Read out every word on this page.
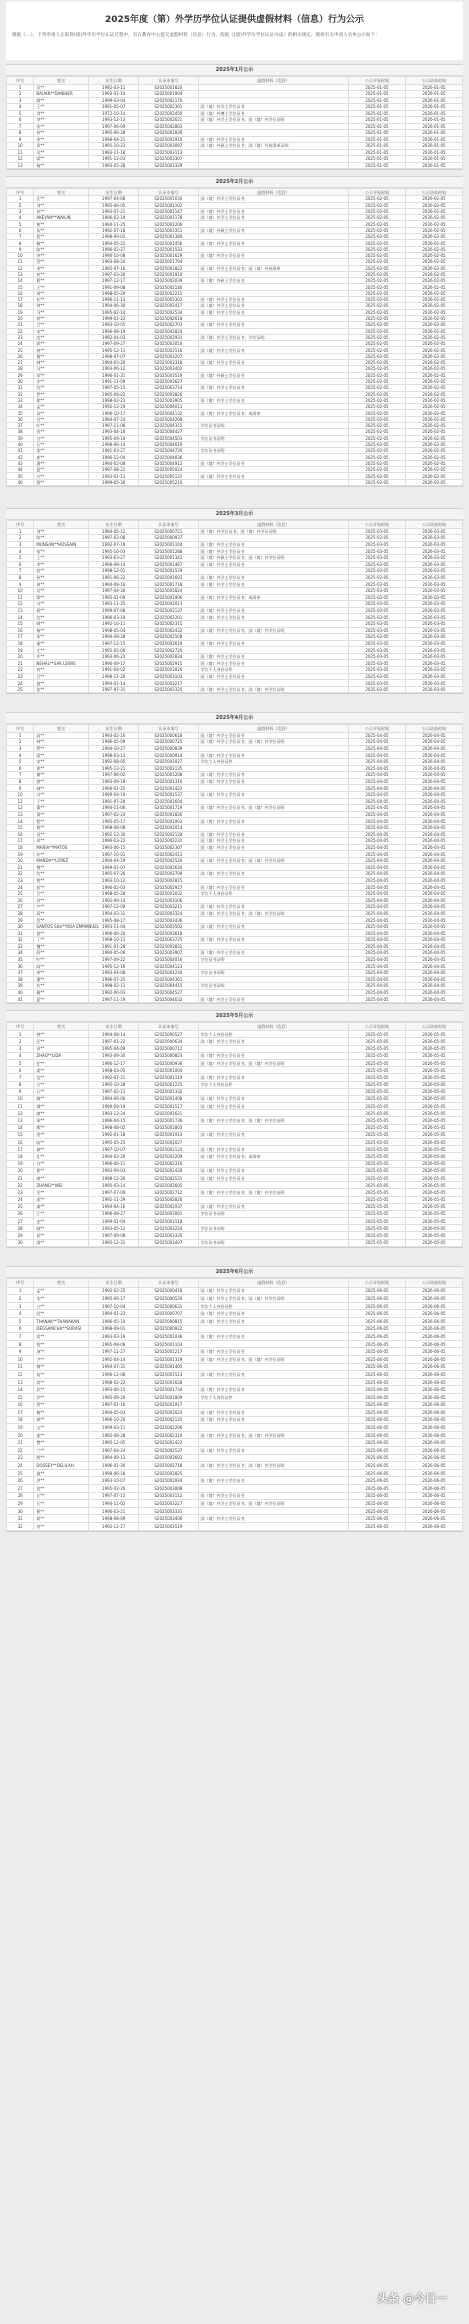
2025年度（第）外学历学位认证提供虚假材料（信息）行为公示
根据《…》，下列申请人在取得(境)外学历学位认证过程中，有在教育中心提交虚假材料（信息）行为。依据《(境)外学历学位认证办法》的相关规定，现将有关申请人名单公示如下：
2025年1月公示
序号	姓名	出生日期	认证申请号	虚假材料（信息）	公示开始时间	公示结束时间
1	吴**	1992-03-11	S2025001820		2025-01-05	2026-01-05
2	BAUAN**DANIHER	1993-01-10	S2025001904		2025-01-05	2026-01-05
3	姚**	1999-03-04	S2025002170		2025-01-05	2026-01-05
4	王**	1991-05-07	S2025002301	国（境）外学士学位证书	2025-01-05	2026-01-05
5	刘**	1972-10-14	S2025002450	国（境）外博士学位证书	2025-01-05	2026-01-05
6	李**	1993-12-13	S2025002621	国（境）外学士学位证书；国（境）外学位证明	2025-01-05	2026-01-05
7	张**	1997-06-09	S2025002803		2025-01-05	2026-01-05
8	何**	1995-06-28	S2025002836		2025-01-05	2026-01-05
9	余**	1998-04-21	S2025002910	国（境）外学士学位证书	2025-01-05	2026-01-05
10	邓**	1995-10-23	S2025003097	国（境）外硕士学位证书；国（境）外成绩单证明	2025-01-05	2026-01-05
11	吴**	1993-11-18	S2025003113		2025-01-05	2026-01-05
12	梁**	1991-12-03	S2025003307		2025-01-05	2026-01-05
13	杨**	1993-05-28	S2025003329		2025-01-05	2026-01-05
2025年2月公示
序号	姓名	出生日期	认证申请号	虚假材料（信息）	公示开始时间	公示结束时间
1	汪**	1997-04-08	S2025001034	国（境）外学士学位证书	2025-02-05	2026-02-05
2	刘**	1995-06-05	S2025001102		2025-02-05	2026-02-05
3	孙**	1993-07-21	S2025001147	国（境）外学士学位证书	2025-02-05	2026-02-05
4	AKEYAM**WAILIN	1996-02-19	S2025001178	国（境）外学士学位证书	2025-02-05	2026-02-05
5	黄**	1994-11-25	S2025001206		2025-02-05	2026-02-05
6	朱**	1992-07-18	S2025001351	国（境）外硕士学位证书	2025-02-05	2026-02-05
7	程**	1998-09-01	S2025001380		2025-02-05	2026-02-05
8	戴**	1994-05-22	S2025001456	国（境）外学士学位证书	2025-02-05	2026-02-05
9	陈**	1996-02-27	S2025001533		2025-02-05	2026-02-05
10	李**	1990-10-08	S2025001629	国（境）外学士学位证书	2025-02-05	2026-02-05
11	蔡**	1993-08-24	S2025001704		2025-02-05	2026-02-05
12	余**	1995-07-16	S2025001822	国（境）外学士学位证书；国（境）外成绩单	2025-02-05	2026-02-05
13	何**	1997-03-26	S2025001910		2025-02-05	2026-02-05
14	曹**	1997-12-17	S2025002039	国（境）外硕士学位证书	2025-02-05	2026-02-05
15	王**	1991-09-08	S2025002146		2025-02-05	2026-02-05
16	周**	1998-05-29	S2025002215		2025-02-05	2026-02-05
17	杜**	1996-11-13	S2025002302	国（境）外学士学位证书	2025-02-05	2026-02-05
18	钟**	1994-06-30	S2025002417	国（境）外学士学位证书	2025-02-05	2026-02-05
19	马**	1995-02-14	S2025002534	国（境）外学士学位证书	2025-02-05	2026-02-05
20	胡**	1999-01-22	S2025002618		2025-02-05	2026-02-05
21	吕**	1993-10-05	S2025002703	国（境）外学士学位证书	2025-02-05	2026-02-05
22	宋**	1996-08-19	S2025002824		2025-02-05	2026-02-05
23	范**	1992-04-03	S2025002931	国（境）外学士学位证书；学位证明	2025-02-05	2026-02-05
24	郭**	1997-09-27	S2025003010		2025-02-05	2026-02-05
25	唐**	1995-12-11	S2025003116	国（境）外学士学位证书	2025-02-05	2026-02-05
26	谢**	1998-07-07	S2025003207		2025-02-05	2026-02-05
27	韩**	1994-03-20	S2025003318	国（境）外学士学位证书	2025-02-05	2026-02-05
28	冯**	1993-06-12	S2025003402		2025-02-05	2026-02-05
29	邓**	1996-01-31	S2025003519	国（境）外硕士学位证书	2025-02-05	2026-02-05
30	许**	1991-11-09	S2025003627		2025-02-05	2026-02-05
31	沈**	1997-05-15	S2025003714	国（境）外学士学位证书	2025-02-05	2026-02-05
32	罗**	1995-08-02	S2025003826		2025-02-05	2026-02-05
33	徐**	1998-02-23	S2025003905	国（境）外学士学位证书	2025-02-05	2026-02-05
34	孟**	1992-12-29	S2025004011		2025-02-05	2026-02-05
35	袁**	1996-10-17	S2025004132	国（境）外学士学位证书；成绩单	2025-02-05	2026-02-05
36	付**	1994-07-24	S2025004208		2025-02-05	2026-02-05
37	叶**	1997-11-06	S2025004315	学位证书证明	2025-02-05	2026-02-05
38	田**	1993-04-18	S2025004427		2025-02-05	2026-02-05
39	白**	1995-09-10	S2025004503	学位证书证明	2025-02-05	2026-02-05
40	石**	1998-06-14	S2025004619		2025-02-05	2026-02-05
41	姜**	1991-03-27	S2025004720	学位证书证明	2025-02-05	2026-02-05
42	崔**	1996-12-04	S2025004836		2025-02-05	2026-02-05
43	潘**	1994-02-08	S2025004912	国（境）外学士学位证书	2025-02-05	2026-02-05
44	夏**	1997-08-21	S2025005024		2025-02-05	2026-02-05
45	方**	1993-01-13	S2025005137	国（境）外学士学位证书	2025-02-05	2026-02-05
46	贾**	1999-05-30	S2025005210		2025-02-05	2026-02-05
2025年3月公示
序号	姓名	出生日期	认证申请号	虚假材料（信息）	公示开始时间	公示结束时间
1	刘**	1994-05-12	S2025000721	国（境）外学位证书；国（境）外学历证明	2025-03-05	2026-03-05
2	陈**	1997-02-08	S2025000937		2025-03-05	2026-03-05
3	MUNSAN**HOSSAIN	1992-07-19	S2025001104	国（境）外学士学位证书	2025-03-05	2026-03-05
4	张**	1995-10-03	S2025001288	国（境）外学士学位证书	2025-03-05	2026-03-05
5	王**	1993-03-27	S2025001342	国（境）外硕士学位证书；国（境）外学位证明	2025-03-05	2026-03-05
6	李**	1996-08-14	S2025001467	国（境）外学士学位证书	2025-03-05	2026-03-05
7	赵**	1998-12-01	S2025001529		2025-03-05	2026-03-05
8	孙**	1991-06-22	S2025001603	国（境）外学士学位证书	2025-03-05	2026-03-05
9	周**	1994-09-16	S2025001718	国（境）外学士学位证书	2025-03-05	2026-03-05
10	吴**	1997-04-30	S2025001824		2025-03-05	2026-03-05
11	郑**	1995-01-09	S2025001906	国（境）外学士学位证书；成绩单	2025-03-05	2026-03-05
12	冯**	1993-11-25	S2025002013		2025-03-05	2026-03-05
13	蒋**	1999-07-08	S2025002137	国（境）外学士学位证书	2025-03-05	2026-03-05
14	沈**	1996-03-19	S2025002201	国（境）外学士学位证书	2025-03-05	2026-03-05
15	韩**	1992-10-11	S2025002315		2025-03-05	2026-03-05
16	杨**	1998-05-04	S2025002432	国（境）外学士学位证书；国（境）外学位证明	2025-03-05	2026-03-05
17	朱**	1994-08-28	S2025002508		2025-03-05	2026-03-05
18	秦**	1997-12-15	S2025002619	国（境）外学士学位证书	2025-03-05	2026-03-05
19	尤**	1995-02-06	S2025002720		2025-03-05	2026-03-05
20	许**	1993-06-23	S2025002834	国（境）外学士学位证书	2025-03-05	2026-03-05
21	NEHAL**SAK LEWIS	1996-09-17	S2025002915	国（境）外学士学位证书	2025-03-05	2026-03-05
22	何**	1991-04-02	S2025003026	学位个人身份证件	2025-03-05	2026-03-05
23	吕**	1998-11-20	S2025003103	国（境）外学士学位证书	2025-03-05	2026-03-05
24	施**	1994-01-14	S2025003217		2025-03-05	2026-03-05
25	张**	1997-07-31	S2025003325	国（境）外学士学位证书；国（境）外学位证明	2025-03-05	2026-03-05
2025年4月公示
序号	姓名	出生日期	认证申请号	虚假材料（信息）	公示开始时间	公示结束时间
1	高**	1993-02-16	S2025000618	国（境）外学士学位证书	2025-04-05	2026-04-05
2	林**	1996-05-09	S2025000725	国（境）外学士学位证书；国（境）外学位证明	2025-04-05	2026-04-05
3	罗**	1994-10-27	S2025000839		2025-04-05	2026-04-05
4	梁**	1998-03-13	S2025000914	国（境）外学士学位证书	2025-04-05	2026-04-05
5	宋**	1992-08-05	S2025001027	学位个人身份证件	2025-04-05	2026-04-05
6	郑**	1995-12-21	S2025001135		2025-04-05	2026-04-05
7	谢**	1997-06-02	S2025001208	国（境）外学士学位证书	2025-04-05	2026-04-05
8	唐**	1993-09-18	S2025001316	国（境）外学士学位证书	2025-04-05	2026-04-05
9	韩**	1996-01-25	S2025001422		2025-04-05	2026-04-05
10	冯**	1999-04-10	S2025001537	国（境）外学士学位证书	2025-04-05	2026-04-05
11	于**	1991-07-29	S2025001604		2025-04-05	2026-04-05
12	董**	1994-11-06	S2025001719	国（境）外学士学位证书；国（境）外学位证明	2025-04-05	2026-04-05
13	萧**	1997-02-24	S2025001826		2025-04-05	2026-04-05
14	程**	1995-05-17	S2025001903	国（境）外学士学位证书	2025-04-05	2026-04-05
15	曹**	1998-08-08	S2025002014		2025-04-05	2026-04-05
16	袁**	1992-12-30	S2025002128	国（境）外学士学位证书	2025-04-05	2026-04-05
17	邓**	1996-03-22	S2025002231	国（境）外学士学位证书	2025-04-05	2026-04-05
18	MARIA**MATOS	1993-06-15	S2025002307	国（境）外学士学位证书	2025-04-05	2026-04-05
19	许**	1997-10-01	S2025002413		2025-04-05	2026-04-05
20	MANDA**LOPEZ	1994-04-19	S2025002526	国（境）外学士学位证书；国（境）外学位证明	2025-04-05	2026-04-05
21	傅**	1999-01-07	S2025002634		2025-04-05	2026-04-05
22	沈**	1995-07-26	S2025002709	国（境）外学士学位证书	2025-04-05	2026-04-05
23	曾**	1993-10-12	S2025002815		2025-04-05	2026-04-05
24	彭**	1996-02-03	S2025002927	国（境）外学士学位证书	2025-04-05	2026-04-05
25	吕**	1998-05-28	S2025003032	学位个人身份证件	2025-04-05	2026-04-05
26	苏**	1992-09-14	S2025003106		2025-04-05	2026-04-05
27	卢**	1997-12-09	S2025003211	国（境）外学士学位证书	2025-04-05	2026-04-05
28	蒋**	1994-03-31	S2025003324	国（境）外学士学位证书；国（境）外学位证明	2025-04-05	2026-04-05
29	蔡**	1995-08-17	S2025003436		2025-04-05	2026-04-05
30	SANTOS SILV**ROA EMMANUEL	1993-11-04	S2025003502	国（境）外学士学位证书	2025-04-05	2026-04-05
31	贾**	1996-06-20	S2025003618		2025-04-05	2026-04-05
32	丁**	1998-10-13	S2025003725	国（境）外学士学位证书	2025-04-05	2026-04-05
33	魏**	1991-01-28	S2025003831		2025-04-05	2026-04-05
34	薛**	1994-05-06	S2025003907	国（境）外学士学位证书	2025-04-05	2026-04-05
35	叶**	1997-09-22	S2025004016	学位证书证明	2025-04-05	2026-04-05
36	阎**	1995-12-16	S2025004123		2025-04-05	2026-04-05
37	余**	1993-04-08	S2025004234	学位证书证明	2025-04-05	2026-04-05
38	潘**	1996-07-25	S2025004301		2025-04-05	2026-04-05
39	杜**	1998-02-11	S2025004415	学位证书证明	2025-04-05	2026-04-05
40	戴**	1992-06-03	S2025004527		2025-04-05	2026-04-05
41	夏**	1997-11-19	S2025004632	国（境）外学士学位证书	2025-04-05	2026-04-05
2025年5月公示
序号	姓名	出生日期	认证申请号	虚假材料（信息）	公示开始时间	公示结束时间
1	钟**	1994-08-14	S2025000527	学位个人身份证件	2025-05-05	2026-05-05
2	汪**	1997-01-22	S2025000634	国（境）外学士学位证书	2025-05-05	2026-05-05
3	田**	1995-04-09	S2025000711		2025-05-05	2026-05-05
4	ZHAO**LIDA	1993-09-30	S2025000823	国（境）外学士学位证书	2025-05-05	2026-05-05
5	任**	1996-12-17	S2025000936	国（境）外学士学位证书；国（境）外学位证明	2025-05-05	2026-05-05
6	姜**	1998-03-05	S2025001004		2025-05-05	2026-05-05
7	范**	1992-07-21	S2025001119	国（境）外学士学位证书	2025-05-05	2026-05-05
8	方**	1995-10-28	S2025001225	学位个人身份证件	2025-05-05	2026-05-05
9	石**	1997-02-13	S2025001332		2025-05-05	2026-05-05
10	姚**	1994-06-06	S2025001408	国（境）外学士学位证书	2025-05-05	2026-05-05
11	谭**	1999-09-19	S2025001517	国（境）外学士学位证书	2025-05-05	2026-05-05
12	廖**	1993-12-24	S2025001621		2025-05-05	2026-05-05
13	邹**	1996-04-15	S2025001736	国（境）外学士学位证书；国（境）外学位证明	2025-05-05	2026-05-05
14	熊**	1998-08-02	S2025001803		2025-05-05	2026-05-05
15	金**	1992-01-18	S2025001914	国（境）外学士学位证书	2025-05-05	2026-05-05
16	陆**	1995-05-25	S2025002027		2025-05-05	2026-05-05
17	郝**	1997-10-07	S2025002133	国（境）外学士学位证书	2025-05-05	2026-05-05
18	孔**	1994-02-20	S2025002209	国（境）外学士学位证书；成绩单	2025-05-05	2026-05-05
19	白**	1996-06-11	S2025002316		2025-05-05	2026-05-05
20	崔**	1993-09-03	S2025002428	国（境）外学士学位证书	2025-05-05	2026-05-05
21	康**	1998-12-26	S2025002531	国（境）外学士学位证书	2025-05-05	2026-05-05
22	ZHANG**WEI	1995-03-14	S2025002605		2025-05-05	2026-05-05
23	毛**	1997-07-09	S2025002712	国（境）外学士学位证书；国（境）外学位证明	2025-05-05	2026-05-05
24	邱**	1992-11-29	S2025002826		2025-05-05	2026-05-05
25	秦**	1994-04-16	S2025002937	国（境）外学士学位证书	2025-05-05	2026-05-05
26	江**	1996-08-27	S2025003001	学位证书证明	2025-05-05	2026-05-05
27	史**	1999-01-04	S2025003118		2025-05-05	2026-05-05
28	顾**	1993-05-12	S2025003224	学位证书证明	2025-05-05	2026-05-05
29	侯**	1997-09-08	S2025003335		2025-05-05	2026-05-05
30	邵**	1995-12-31	S2025003407	学位证书证明	2025-05-05	2026-05-05
2025年6月公示
序号	姓名	出生日期	认证申请号	虚假材料（信息）	公示开始时间	公示结束时间
1	孟**	1992-02-25	S2025000418	国（境）外学士学位证书	2025-06-05	2026-06-05
2	龙**	1995-06-17	S2025000526	国（境）外学士学位证书；国（境）外学位证明	2025-06-05	2026-06-05
3	万**	1997-10-04	S2025000631	学位个人身份证件	2025-06-05	2026-06-05
4	段**	1994-01-23	S2025000707	国（境）外学士学位证书	2025-06-05	2026-06-05
5	THANAK**THANAKAN	1996-05-10	S2025000815	国（境）外学士学位证书	2025-06-05	2026-06-05
6	DEGSAMCHA**SORASI	1998-09-01	S2025000922		2025-06-05	2026-06-05
7	雷**	1993-03-19	S2025001036	国（境）外学士学位证书	2025-06-05	2026-06-05
8	钱**	1995-08-06	S2025001103		2025-06-05	2026-06-05
9	汤**	1997-11-27	S2025001217	国（境）外学士学位证书	2025-06-05	2026-06-05
10	尹**	1992-04-14	S2025001329	国（境）外学士学位证书；国（境）外学位证明	2025-06-05	2026-06-05
11	黎**	1994-07-31	S2025001405		2025-06-05	2026-06-05
12	易**	1996-12-08	S2025001513	国（境）外学士学位证书	2025-06-05	2026-06-05
13	常**	1998-02-22	S2025001628		2025-06-05	2026-06-05
14	武**	1993-06-15	S2025001734	国（境）外学士学位证书	2025-06-05	2026-06-05
15	乔**	1995-09-29	S2025001809	学位个人身份证件	2025-06-05	2026-06-05
16	贺**	1997-01-16	S2025001917		2025-06-05	2026-06-05
17	赖**	1994-05-03	S2025002024	国（境）外学士学位证书	2025-06-05	2026-06-05
18	龚**	1996-10-20	S2025002135	国（境）外学士学位证书	2025-06-05	2026-06-05
19	文**	1999-03-11	S2025002206		2025-06-05	2026-06-05
20	庞**	1992-08-28	S2025002319	国（境）外学士学位证书；国（境）外学位证明	2025-06-05	2026-06-05
21	樊**	1995-12-05	S2025002422		2025-06-05	2026-06-05
22	兰**	1997-04-24	S2025002537	国（境）外学士学位证书	2025-06-05	2026-06-05
23	殷**	1994-09-13	S2025002603		2025-06-05	2026-06-05
24	DOSSEY**DELILAH	1996-01-30	S2025002718	国（境）外学士学位证书；国（境）外学位证明	2025-06-05	2026-06-05
25	施**	1998-06-18	S2025002825		2025-06-05	2026-06-05
26	洪**	1993-10-07	S2025002934	国（境）外学士学位证书	2025-06-05	2026-06-05
27	包**	1995-02-26	S2025003008		2025-06-05	2026-06-05
28	左**	1997-07-15	S2025003112	国（境）外学士学位证书	2025-06-05	2026-06-05
29	石**	1994-11-02	S2025003227	国（境）外学士学位证书；国（境）外学位证明	2025-06-05	2026-06-05
30	崔**	1996-03-21	S2025003331		2025-06-05	2026-06-05
31	葛**	1998-08-09	S2025003406	国（境）外学士学位证书	2025-06-05	2026-06-05
32	房**	1992-12-27	S2025003519		2025-06-05	2026-06-05
头条 @今日一
